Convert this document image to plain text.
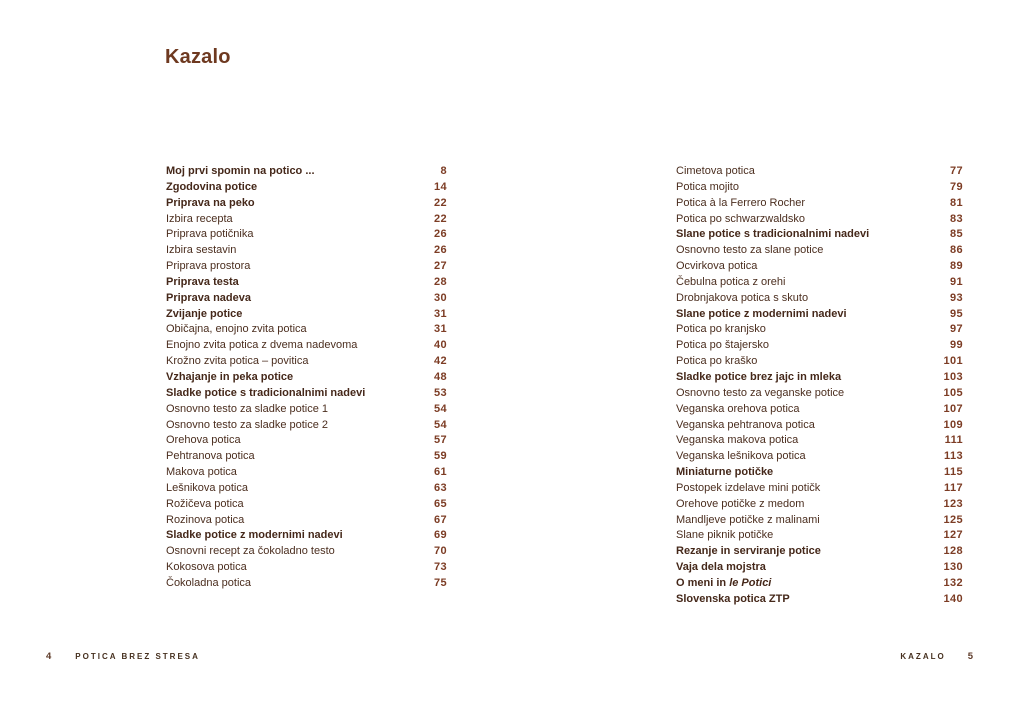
Kazalo
Moj prvi spomin na potico ...	8
Zgodovina potice	14
Priprava na peko	22
Izbira recepta	22
Priprava potičnika	26
Izbira sestavin	26
Priprava prostora	27
Priprava testa	28
Priprava nadeva	30
Zvijanje potice	31
Običajna, enojno zvita potica	31
Enojno zvita potica z dvema nadevoma	40
Krožno zvita potica – povitica	42
Vzhajanje in peka potice	48
Sladke potice s tradicionalnimi nadevi	53
Osnovno testo za sladke potice 1	54
Osnovno testo za sladke potice 2	54
Orehova potica	57
Pehtranova potica	59
Makova potica	61
Lešnikova potica	63
Rožičeva potica	65
Rozinova potica	67
Sladke potice z modernimi nadevi	69
Osnovni recept za čokoladno testo	70
Kokosova potica	73
Čokoladna potica	75
Cimetova potica	77
Potica mojito	79
Potica à la Ferrero Rocher	81
Potica po schwarzwaldsko	83
Slane potice s tradicionalnimi nadevi	85
Osnovno testo za slane potice	86
Ocvirkova potica	89
Čebulna potica z orehi	91
Drobnjakova potica s skuto	93
Slane potice z modernimi nadevi	95
Potica po kranjsko	97
Potica po štajersko	99
Potica po kraško	101
Sladke potice brez jajc in mleka	103
Osnovno testo za veganske potice	105
Veganska orehova potica	107
Veganska pehtranova potica	109
Veganska makova potica	111
Veganska lešnikova potica	113
Miniaturne potičke	115
Postopek izdelave mini potičk	117
Orehove potičke z medom	123
Mandljeve potičke z malinami	125
Slane piknik potičke	127
Rezanje in serviranje potice	128
Vaja dela mojstra	130
O meni in le Potici	132
Slovenska potica ZTP	140
4	POTICA BREZ STRESA	KAZALO 5
